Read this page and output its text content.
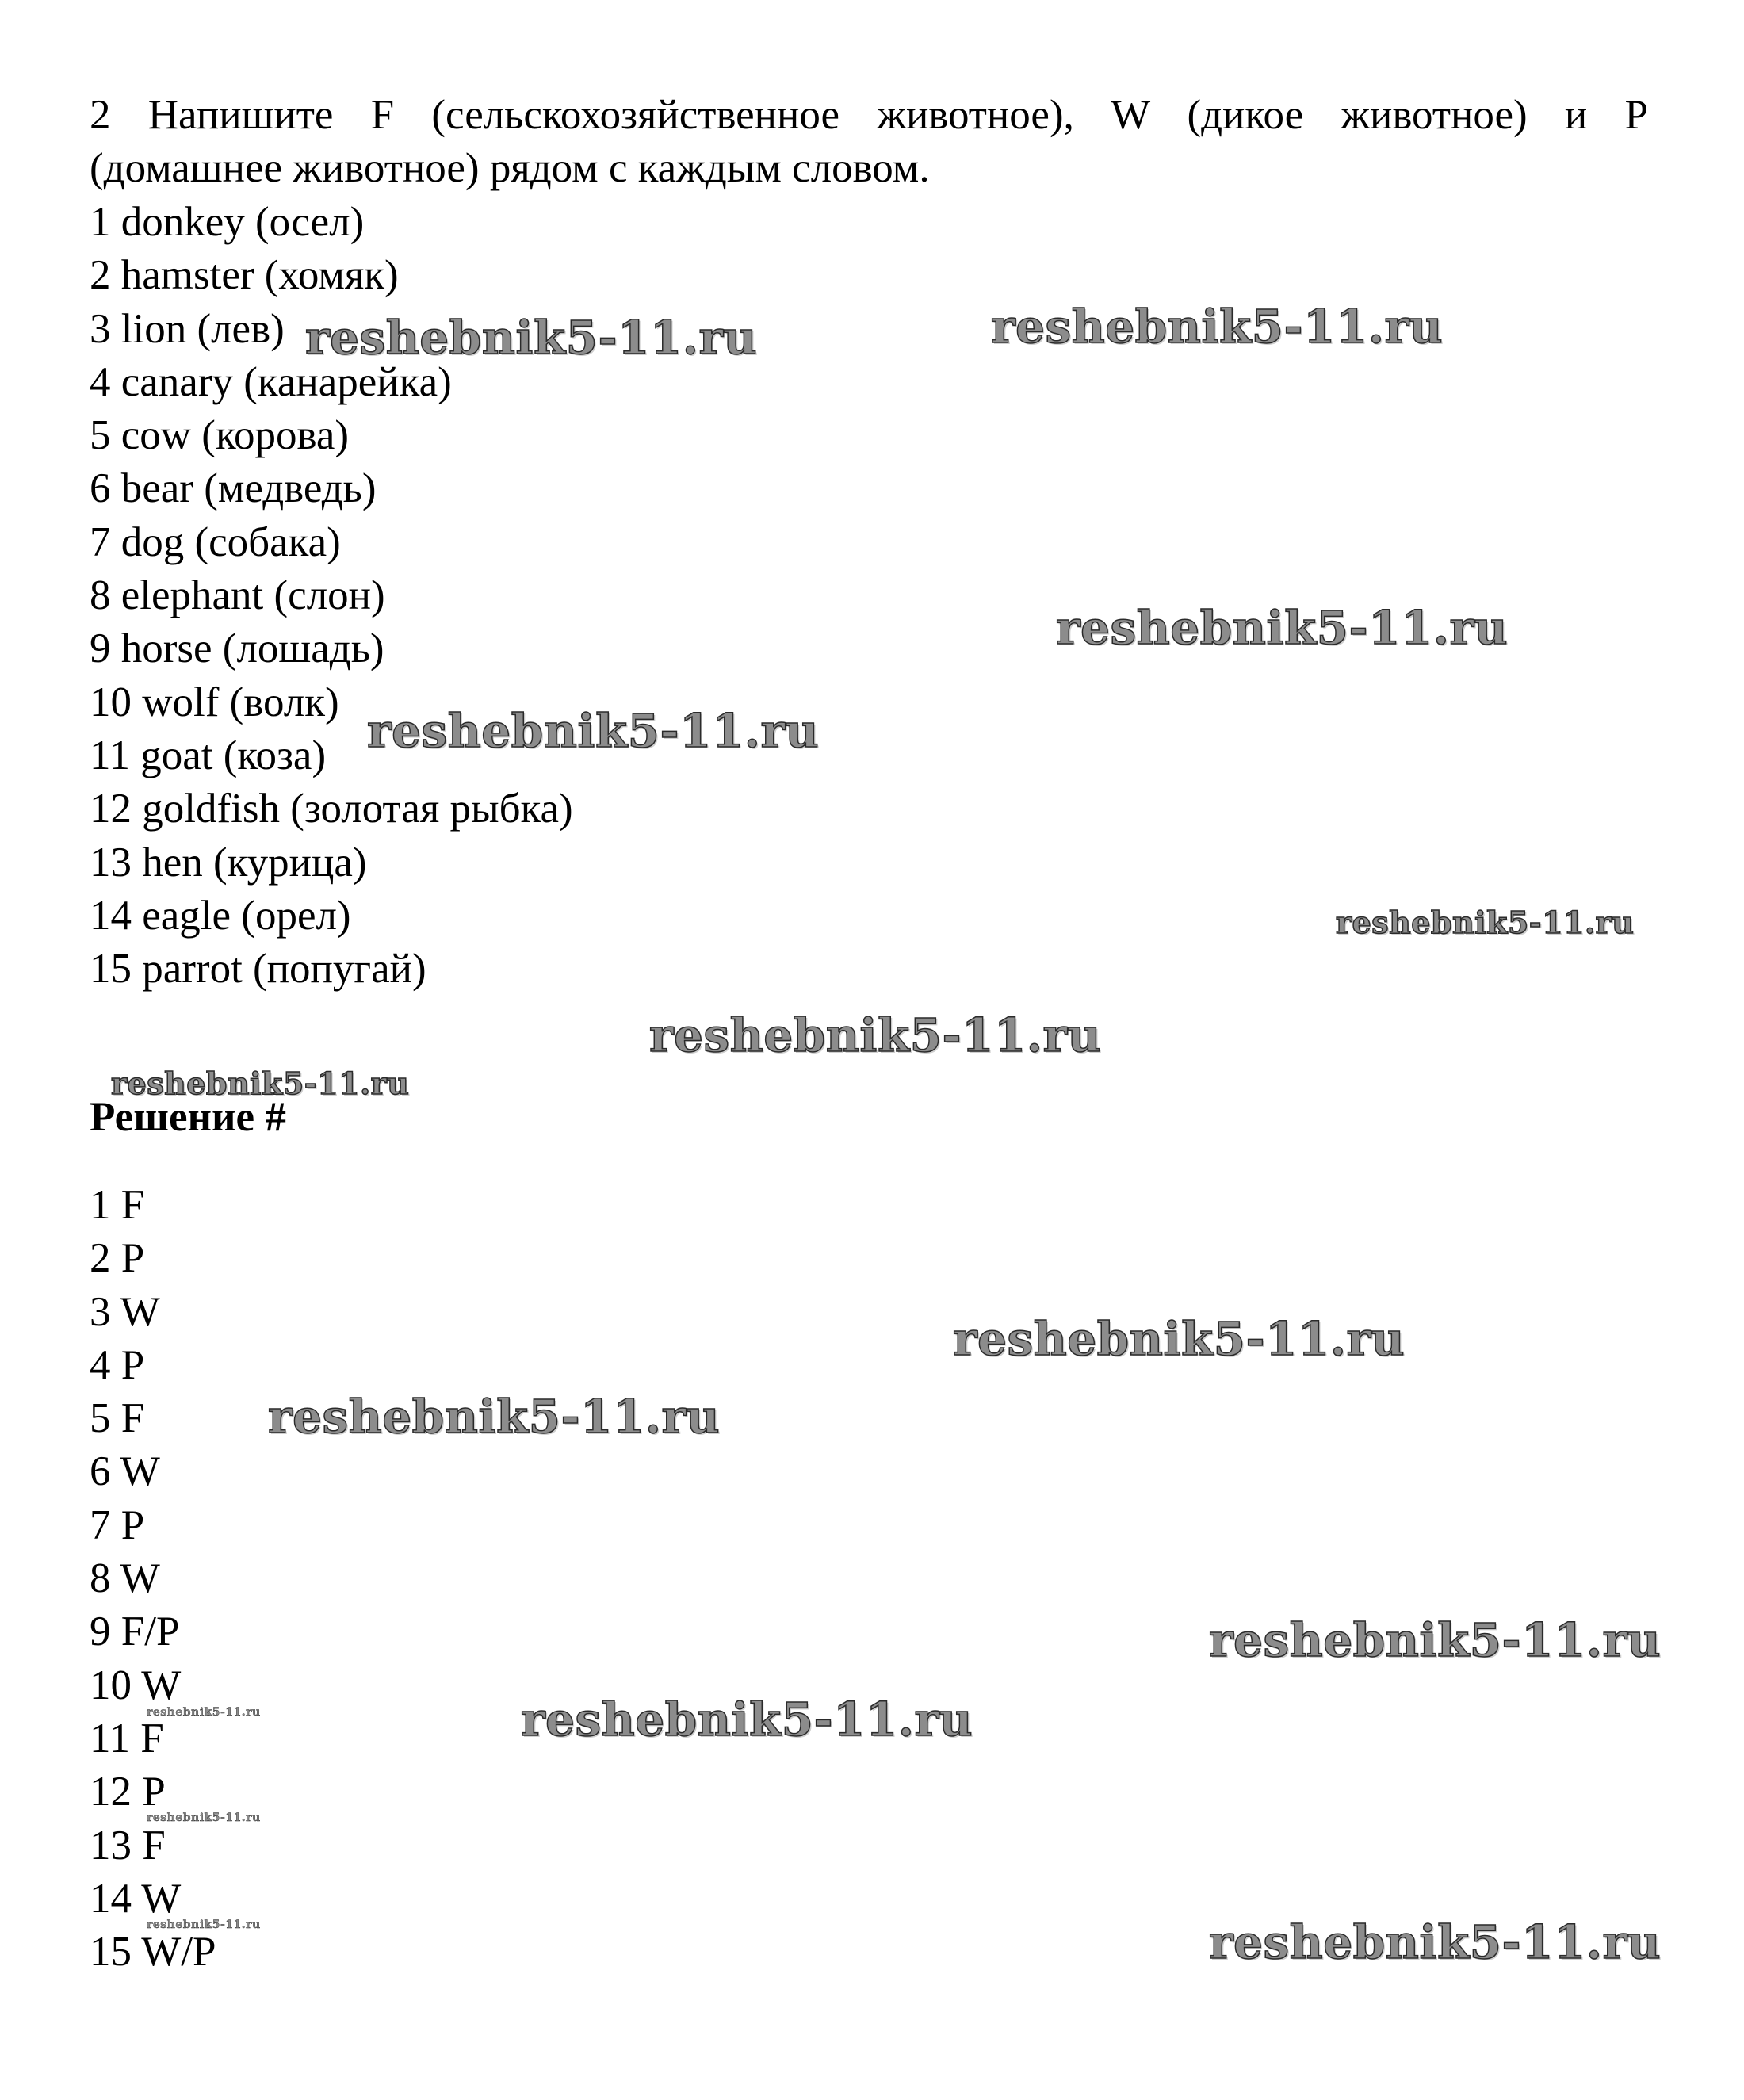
2 Напишите F (сельскохозяйственное животное), W (дикое животное) и P
(домашнее животное) рядом с каждым словом.

1 donkey (осел)
2 hamster (хомяк)
3 lion (лев)
4 canary (канарейка)
5 cow (корова)
6 bear (медведь)
7 dog (собака)
8 elephant (слон)
9 horse (лошадь)
10 wolf (волк)
11 goat (коза)
12 goldfish (золотая рыбка)
13 hen (курица)
14 eagle (орел)
15 parrot (попугай)
Решение #
1 F
2 P
3 W
4 P
5 F
6 W
7 P
8 W
9 F/P
10 W
11 F
12 P
13 F
14 W
15 W/P
reshebnik5-11.ru	reshebnik5-11.ru
reshebnik5-11.ru
reshebnik5-11.ru
reshebnik5-11.ru
reshebnik5-11.ru
reshebnik5-11.ru
reshebnik5-11.ru
reshebnik5-11.ru
reshebnik5-11.ru
reshebnik5-11.ru
reshebnik5-11.ru
reshebnik5-11.ru
reshebnik5-11.ru
reshebnik5-11.ru
